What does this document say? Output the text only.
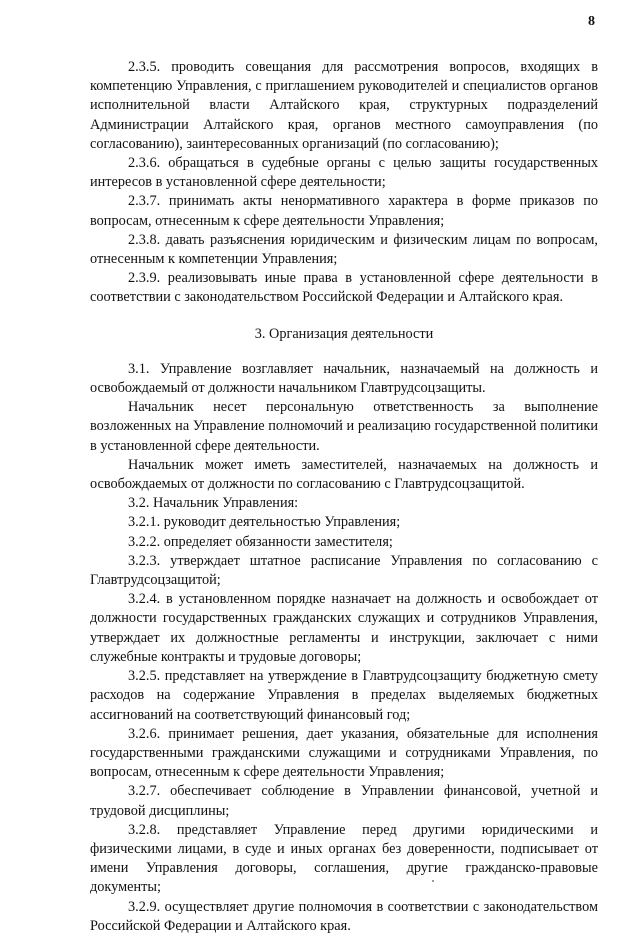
8

2.3.5. проводить совещания для рассмотрения вопросов, входящих в компетенцию Управления, с приглашением руководителей и специалистов органов исполнительной власти Алтайского края, структурных подразделений Администрации Алтайского края, органов местного самоуправления (по согласованию), заинтересованных организаций (по согласованию);

2.3.6. обращаться в судебные органы с целью защиты государственных интересов в установленной сфере деятельности;

2.3.7. принимать акты ненормативного характера в форме приказов по вопросам, отнесенным к сфере деятельности Управления;

2.3.8. давать разъяснения юридическим и физическим лицам по вопросам, отнесенным к компетенции Управления;

2.3.9. реализовывать иные права в установленной сфере деятельности в соответствии с законодательством Российской Федерации и Алтайского края.

3. Организация деятельности

3.1. Управление возглавляет начальник, назначаемый на должность и освобождаемый от должности начальником Главтрудсоцзащиты.

Начальник несет персональную ответственность за выполнение возложенных на Управление полномочий и реализацию государственной политики в установленной сфере деятельности.

Начальник может иметь заместителей, назначаемых на должность и освобождаемых от должности по согласованию с Главтрудсоцзащитой.

3.2. Начальник Управления:

3.2.1. руководит деятельностью Управления;

3.2.2. определяет обязанности заместителя;

3.2.3. утверждает штатное расписание Управления по согласованию с Главтрудсоцзащитой;

3.2.4. в установленном порядке назначает на должность и освобождает от должности государственных гражданских служащих и сотрудников Управления, утверждает их должностные регламенты и инструкции, заключает с ними служебные контракты и трудовые договоры;

3.2.5. представляет на утверждение в Главтрудсоцзащиту бюджетную смету расходов на содержание Управления в пределах выделяемых бюджетных ассигнований на соответствующий финансовый год;

3.2.6. принимает решения, дает указания, обязательные для исполнения государственными гражданскими служащими и сотрудниками Управления, по вопросам, отнесенным к сфере деятельности Управления;

3.2.7. обеспечивает соблюдение в Управлении финансовой, учетной и трудовой дисциплины;

3.2.8. представляет Управление перед другими юридическими и физическими лицами, в суде и иных органах без доверенности, подписывает от имени Управления договоры, соглашения, другие гражданско-правовые документы;

3.2.9. осуществляет другие полномочия в соответствии с законодательством Российской Федерации и Алтайского края.
